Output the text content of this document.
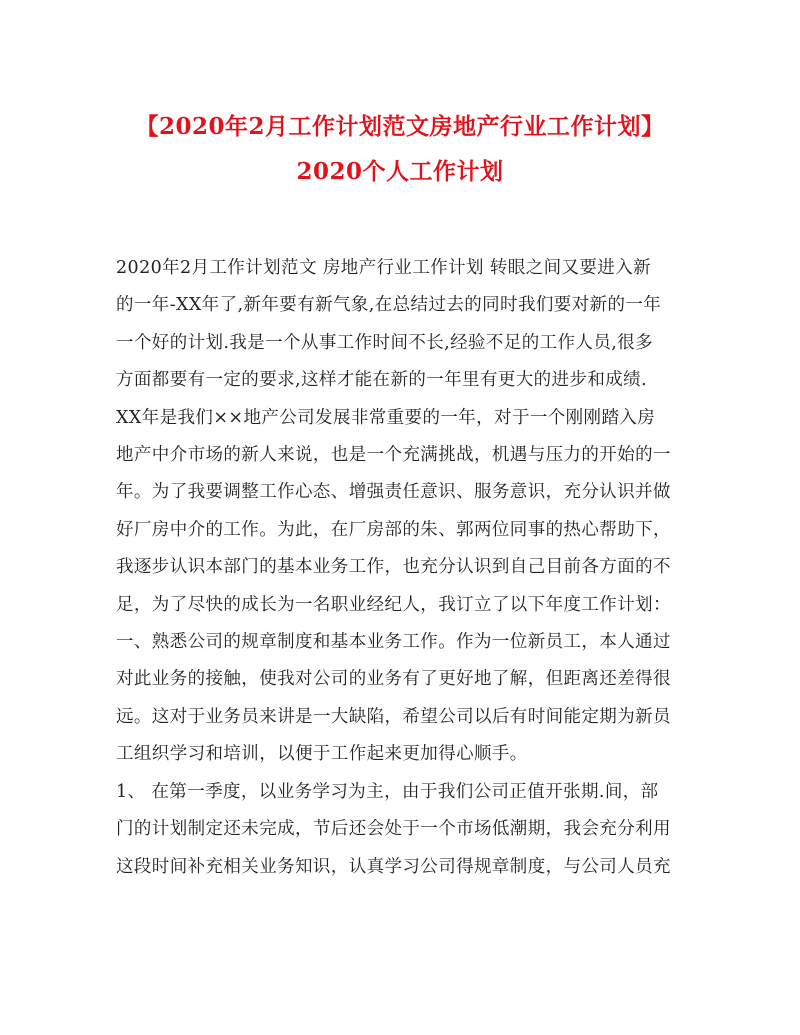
【2020年2月工作计划范文房地产行业工作计划】
2020个人工作计划
2020年2月工作计划范文 房地产行业工作计划 转眼之间又要进入新
的一年-XX年了,新年要有新气象,在总结过去的同时我们要对新的一年
一个好的计划.我是一个从事工作时间不长,经验不足的工作人员,很多
方面都要有一定的要求,这样才能在新的一年里有更大的进步和成绩.
XX年是我们××地产公司发展非常重要的一年，对于一个刚刚踏入房
地产中介市场的新人来说，也是一个充满挑战，机遇与压力的开始的一
年。为了我要调整工作心态、增强责任意识、服务意识，充分认识并做
好厂房中介的工作。为此，在厂房部的朱、郭两位同事的热心帮助下，
我逐步认识本部门的基本业务工作，也充分认识到自己目前各方面的不
足，为了尽快的成长为一名职业经纪人，我订立了以下年度工作计划：
一、熟悉公司的规章制度和基本业务工作。作为一位新员工，本人通过
对此业务的接触，使我对公司的业务有了更好地了解，但距离还差得很
远。这对于业务员来讲是一大缺陷，希望公司以后有时间能定期为新员
工组织学习和培训，以便于工作起来更加得心顺手。
1、 在第一季度，以业务学习为主，由于我们公司正值开张期.间，部
门的计划制定还未完成，节后还会处于一个市场低潮期，我会充分利用
这段时间补充相关业务知识，认真学习公司得规章制度，与公司人员充
